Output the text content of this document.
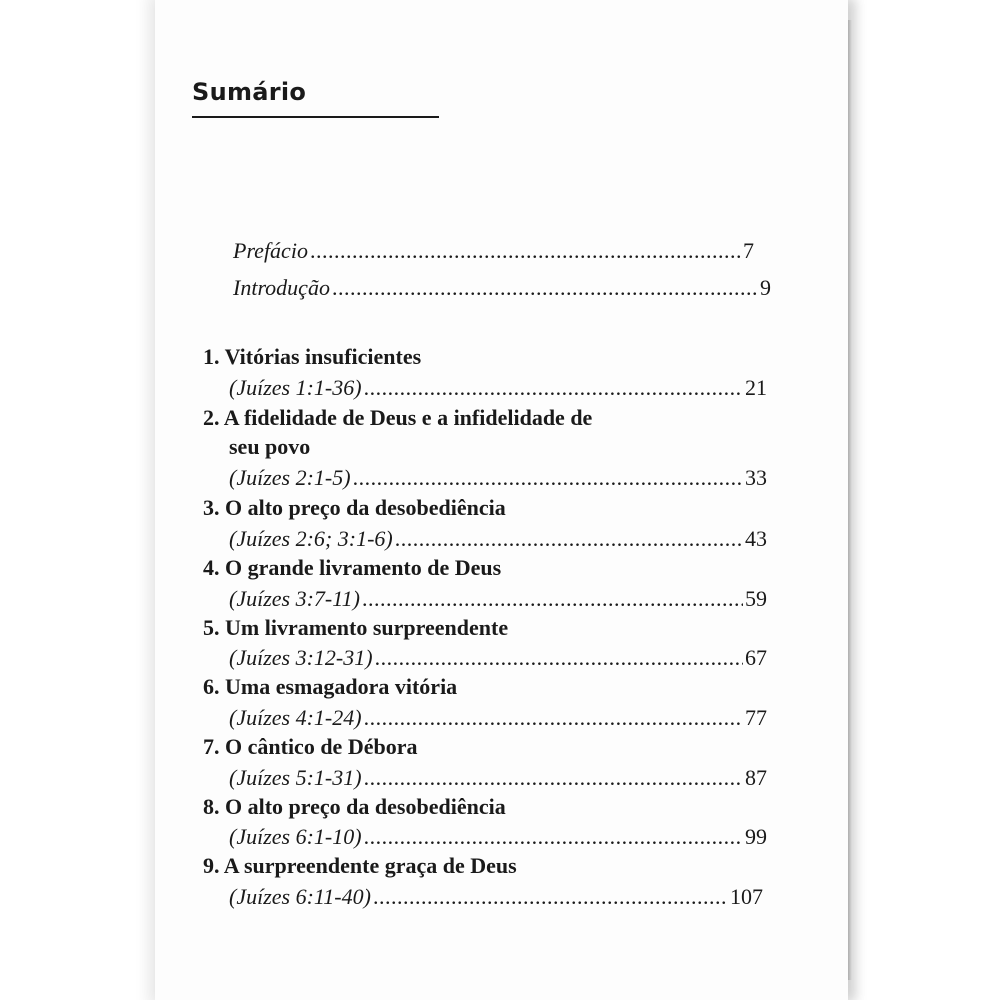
Sumário
Prefácio .....	7
Introdução .....	9
1. Vitórias insuficientes
(Juízes 1:1-36) .....	21
2. A fidelidade de Deus e a infidelidade de
seu povo
(Juízes 2:1-5) .....	33
3. O alto preço da desobediência
(Juízes 2:6; 3:1-6) .....	43
4. O grande livramento de Deus
(Juízes 3:7-11) .....	59
5. Um livramento surpreendente
(Juízes 3:12-31) .....	67
6. Uma esmagadora vitória
(Juízes 4:1-24) .....	77
7. O cântico de Débora
(Juízes 5:1-31) .....	87
8. O alto preço da desobediência
(Juízes 6:1-10) .....	99
9. A surpreendente graça de Deus
(Juízes 6:11-40) .....	107
